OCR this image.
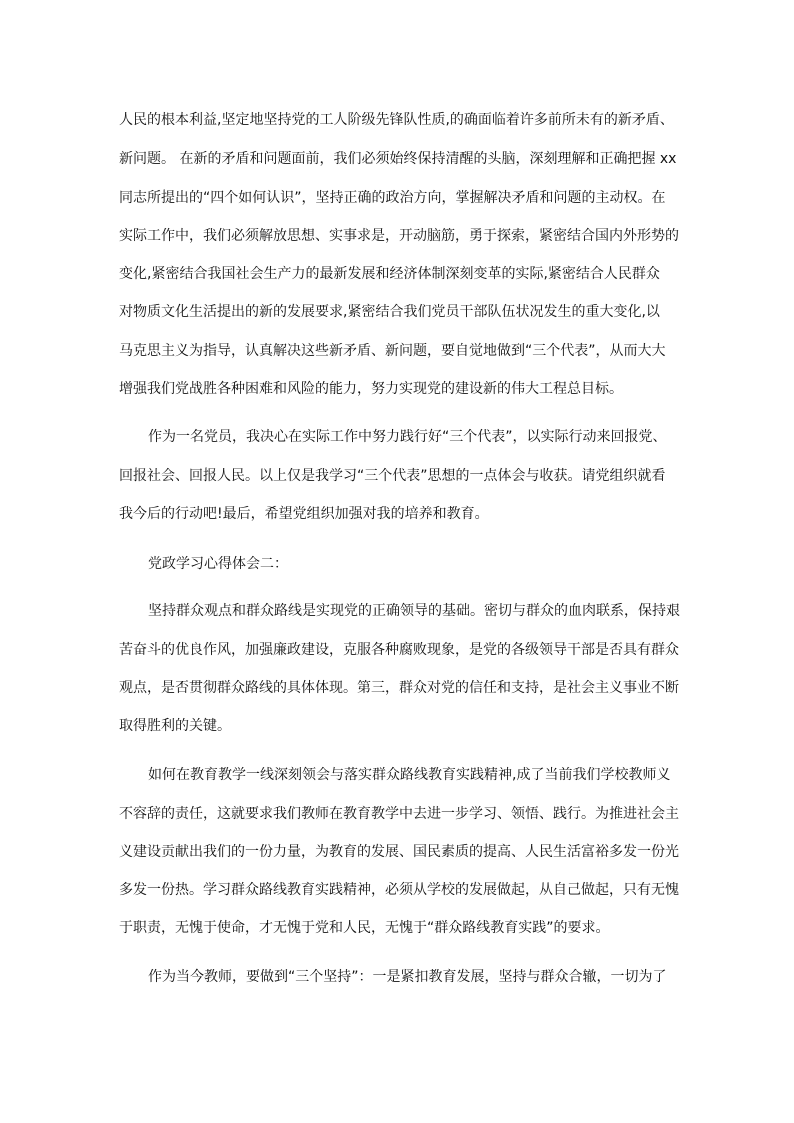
人民的根本利益,坚定地坚持党的工人阶级先锋队性质,的确面临着许多前所未有的新矛盾、
新问题。 在新的矛盾和问题面前，我们必须始终保持清醒的头脑，深刻理解和正确把握 xx
同志所提出的“四个如何认识”，坚持正确的政治方向，掌握解决矛盾和问题的主动权。在
实际工作中，我们必须解放思想、实事求是，开动脑筋，勇于探索，紧密结合国内外形势的
变化,紧密结合我国社会生产力的最新发展和经济体制深刻变革的实际,紧密结合人民群众
对物质文化生活提出的新的发展要求,紧密结合我们党员干部队伍状况发生的重大变化,以
马克思主义为指导，认真解决这些新矛盾、新问题，要自觉地做到“三个代表”，从而大大
增强我们党战胜各种困难和风险的能力，努力实现党的建设新的伟大工程总目标。
作为一名党员，我决心在实际工作中努力践行好“三个代表”，以实际行动来回报党、
回报社会、回报人民。以上仅是我学习“三个代表”思想的一点体会与收获。请党组织就看
我今后的行动吧!最后，希望党组织加强对我的培养和教育。
党政学习心得体会二：
坚持群众观点和群众路线是实现党的正确领导的基础。密切与群众的血肉联系，保持艰
苦奋斗的优良作风，加强廉政建设，克服各种腐败现象，是党的各级领导干部是否具有群众
观点，是否贯彻群众路线的具体体现。第三，群众对党的信任和支持，是社会主义事业不断
取得胜利的关键。
如何在教育教学一线深刻领会与落实群众路线教育实践精神,成了当前我们学校教师义
不容辞的责任，这就要求我们教师在教育教学中去进一步学习、领悟、践行。为推进社会主
义建设贡献出我们的一份力量，为教育的发展、国民素质的提高、人民生活富裕多发一份光
多发一份热。学习群众路线教育实践精神，必须从学校的发展做起，从自己做起，只有无愧
于职责，无愧于使命，才无愧于党和人民，无愧于“群众路线教育实践”的要求。
作为当今教师，要做到“三个坚持”：一是紧扣教育发展，坚持与群众合辙，一切为了
